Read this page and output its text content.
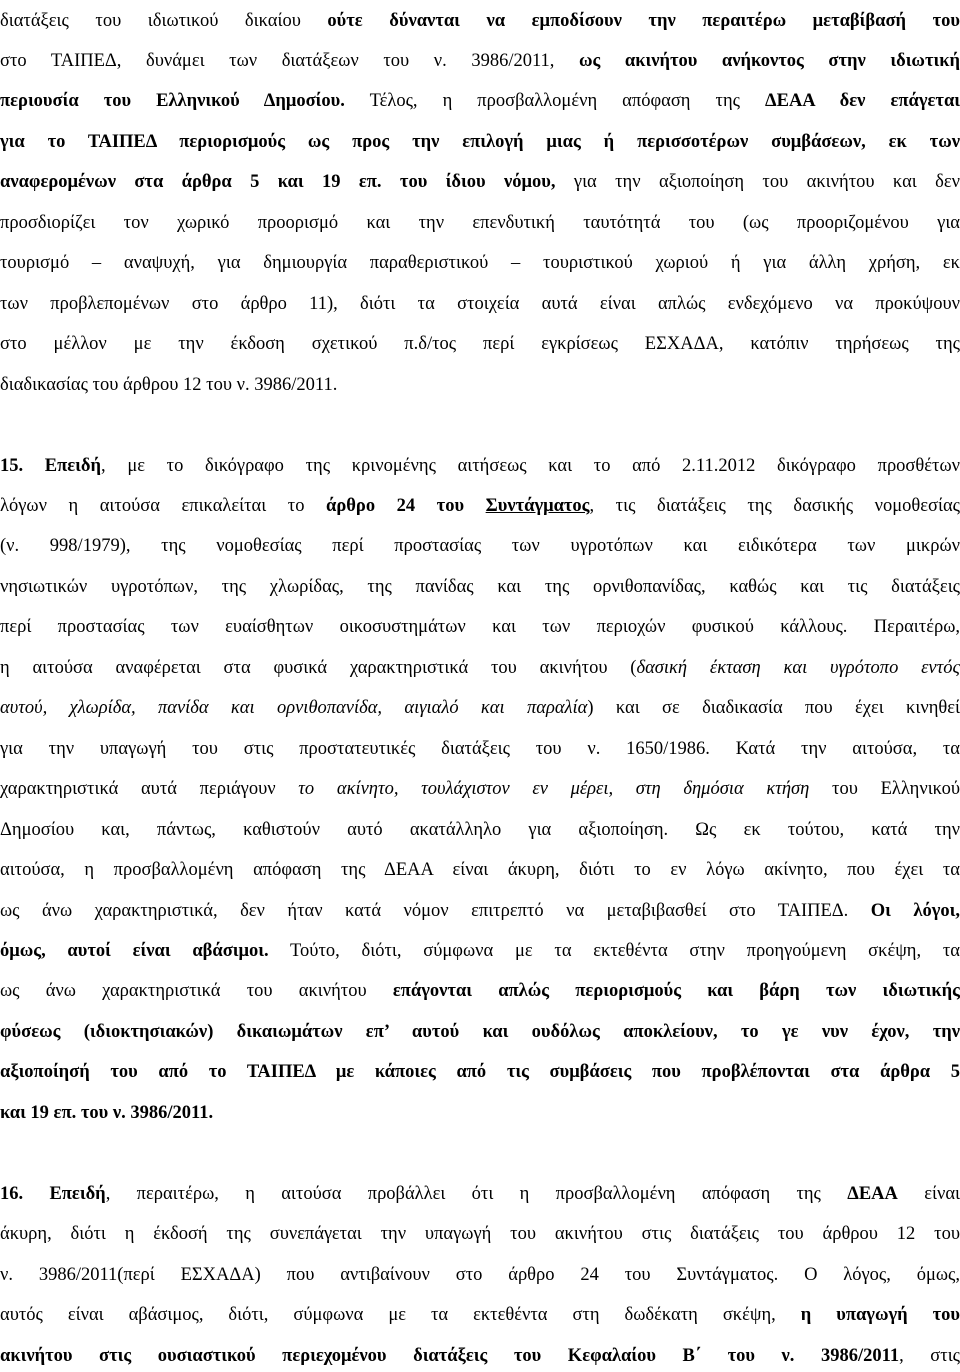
διατάξεις του ιδιωτικού δικαίου ούτε δύνανται να εμποδίσουν την περαιτέρω μεταβίβασή του
στο ΤΑΙΠΕΔ, δυνάμει των διατάξεων του ν. 3986/2011, ως ακινήτου ανήκοντος στην ιδιωτική
περιουσία του Ελληνικού Δημοσίου. Τέλος, η προσβαλλομένη απόφαση της ΔΕΑΑ δεν επάγεται
για το ΤΑΙΠΕΔ περιορισμούς ως προς την επιλογή μιας ή περισσοτέρων συμβάσεων, εκ των
αναφερομένων στα άρθρα 5 και 19 επ. του ίδιου νόμου, για την αξιοποίηση του ακινήτου και δεν
προσδιορίζει τον χωρικό προορισμό και την επενδυτική ταυτότητά του (ως προοριζομένου για
τουρισμό – αναψυχή, για δημιουργία παραθεριστικού – τουριστικού χωριού ή για άλλη χρήση, εκ
των προβλεπομένων στο άρθρο 11), διότι τα στοιχεία αυτά είναι απλώς ενδεχόμενο να προκύψουν
στο μέλλον με την έκδοση σχετικού π.δ/τος περί εγκρίσεως ΕΣΧΑΔΑ, κατόπιν τηρήσεως της
διαδικασίας του άρθρου 12 του ν. 3986/2011.
15. Επειδή, με το δικόγραφο της κρινομένης αιτήσεως και το από 2.11.2012 δικόγραφο προσθέτων
λόγων η αιτούσα επικαλείται το άρθρο 24 του Συντάγματος, τις διατάξεις της δασικής νομοθεσίας
(ν. 998/1979), της νομοθεσίας περί προστασίας των υγροτόπων και ειδικότερα των μικρών
νησιωτικών υγροτόπων, της χλωρίδας, της πανίδας και της ορνιθοπανίδας, καθώς και τις διατάξεις
περί προστασίας των ευαίσθητων οικοσυστημάτων και των περιοχών φυσικού κάλλους. Περαιτέρω,
η αιτούσα αναφέρεται στα φυσικά χαρακτηριστικά του ακινήτου (δασική έκταση και υγρότοπο εντός
αυτού, χλωρίδα, πανίδα και ορνιθοπανίδα, αιγιαλό και παραλία) και σε διαδικασία που έχει κινηθεί
για την υπαγωγή του στις προστατευτικές διατάξεις του ν. 1650/1986. Κατά την αιτούσα, τα
χαρακτηριστικά αυτά περιάγουν το ακίνητο, τουλάχιστον εν μέρει, στη δημόσια κτήση του Ελληνικού
Δημοσίου και, πάντως, καθιστούν αυτό ακατάλληλο για αξιοποίηση. Ως εκ τούτου, κατά την
αιτούσα, η προσβαλλομένη απόφαση της ΔΕΑΑ είναι άκυρη, διότι το εν λόγω ακίνητο, που έχει τα
ως άνω χαρακτηριστικά, δεν ήταν κατά νόμον επιτρεπτό να μεταβιβασθεί στο ΤΑΙΠΕΔ. Οι λόγοι,
όμως, αυτοί είναι αβάσιμοι. Τούτο, διότι, σύμφωνα με τα εκτεθέντα στην προηγούμενη σκέψη, τα
ως άνω χαρακτηριστικά του ακινήτου επάγονται απλώς περιορισμούς και βάρη των ιδιωτικής
φύσεως (ιδιοκτησιακών) δικαιωμάτων επ’ αυτού και ουδόλως αποκλείουν, το γε νυν έχον, την
αξιοποίησή του από το ΤΑΙΠΕΔ με κάποιες από τις συμβάσεις που προβλέπονται στα άρθρα 5
και 19 επ. του ν. 3986/2011.
16. Επειδή, περαιτέρω, η αιτούσα προβάλλει ότι η προσβαλλομένη απόφαση της ΔΕΑΑ είναι
άκυρη, διότι η έκδοσή της συνεπάγεται την υπαγωγή του ακινήτου στις διατάξεις του άρθρου 12 του
ν. 3986/2011(περί ΕΣΧΑΔΑ) που αντιβαίνουν στο άρθρο 24 του Συντάγματος. Ο λόγος, όμως,
αυτός είναι αβάσιμος, διότι, σύμφωνα με τα εκτεθέντα στη δωδέκατη σκέψη, η υπαγωγή του
ακινήτου στις ουσιαστικού περιεχομένου διατάξεις του Κεφαλαίου Β΄ του ν. 3986/2011, στις
